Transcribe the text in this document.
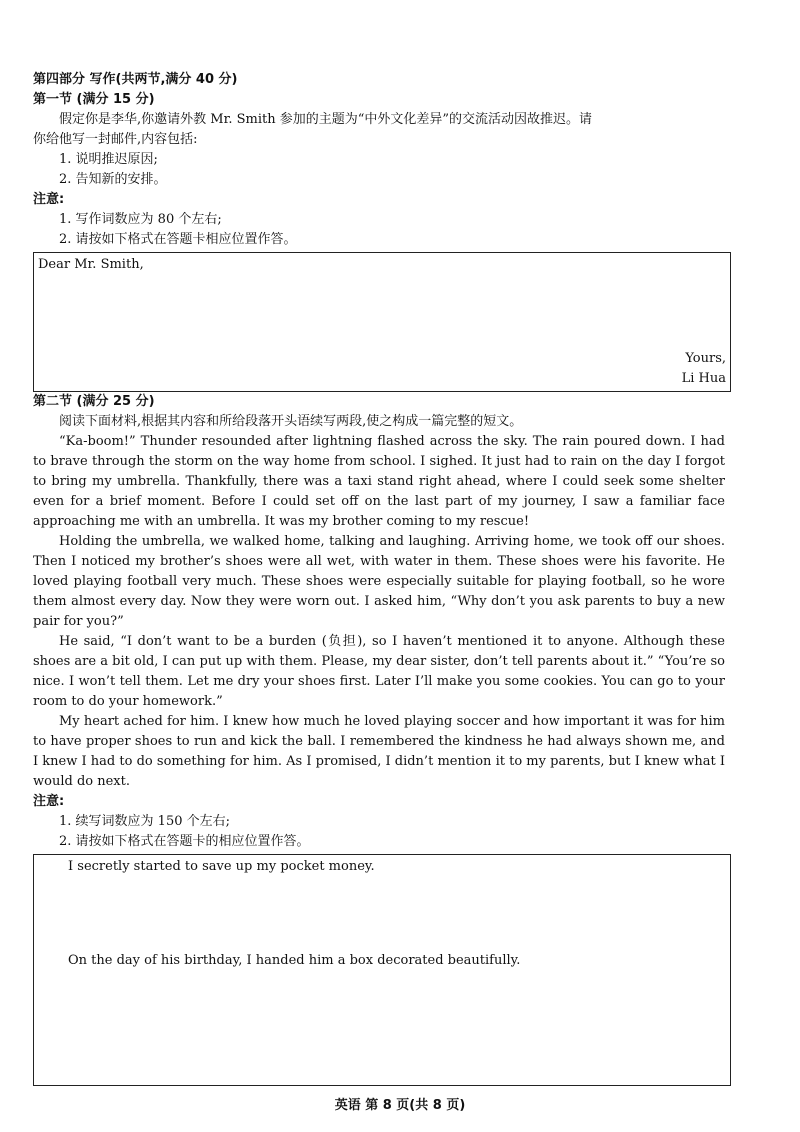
第四部分 写作(共两节,满分 40 分)
第一节 (满分 15 分)
假定你是李华,你邀请外教 Mr. Smith 参加的主题为“中外文化差异”的交流活动因故推迟。请
你给他写一封邮件,内容包括:
1. 说明推迟原因;
2. 告知新的安排。
注意:
1. 写作词数应为 80 个左右;
2. 请按如下格式在答题卡相应位置作答。
Dear Mr. Smith,
Yours,
Li Hua
第二节 (满分 25 分)
阅读下面材料,根据其内容和所给段落开头语续写两段,使之构成一篇完整的短文。

“Ka-boom!” Thunder resounded after lightning flashed across the sky. The rain poured down. I had to brave through the storm on the way home from school. I sighed. It just had to rain on the day I forgot to bring my umbrella. Thankfully, there was a taxi stand right ahead, where I could seek some shelter even for a brief moment. Before I could set off on the last part of my journey, I saw a familiar face approaching me with an umbrella. It was my brother coming to my rescue!

Holding the umbrella, we walked home, talking and laughing. Arriving home, we took off our shoes. Then I noticed my brother’s shoes were all wet, with water in them. These shoes were his favorite. He loved playing football very much. These shoes were especially suitable for playing football, so he wore them almost every day. Now they were worn out. I asked him, “Why don’t you ask parents to buy a new pair for you?”

He said, “I don’t want to be a burden (负担), so I haven’t mentioned it to anyone. Although these shoes are a bit old, I can put up with them. Please, my dear sister, don’t tell parents about it.” “You’re so nice. I won’t tell them. Let me dry your shoes first. Later I’ll make you some cookies. You can go to your room to do your homework.”

My heart ached for him. I knew how much he loved playing soccer and how important it was for him to have proper shoes to run and kick the ball. I remembered the kindness he had always shown me, and I knew I had to do something for him. As I promised, I didn’t mention it to my parents, but I knew what I would do next.

注意:
1. 续写词数应为 150 个左右;
2. 请按如下格式在答题卡的相应位置作答。
I secretly started to save up my pocket money.
On the day of his birthday, I handed him a box decorated beautifully.
英语 第 8 页(共 8 页)
